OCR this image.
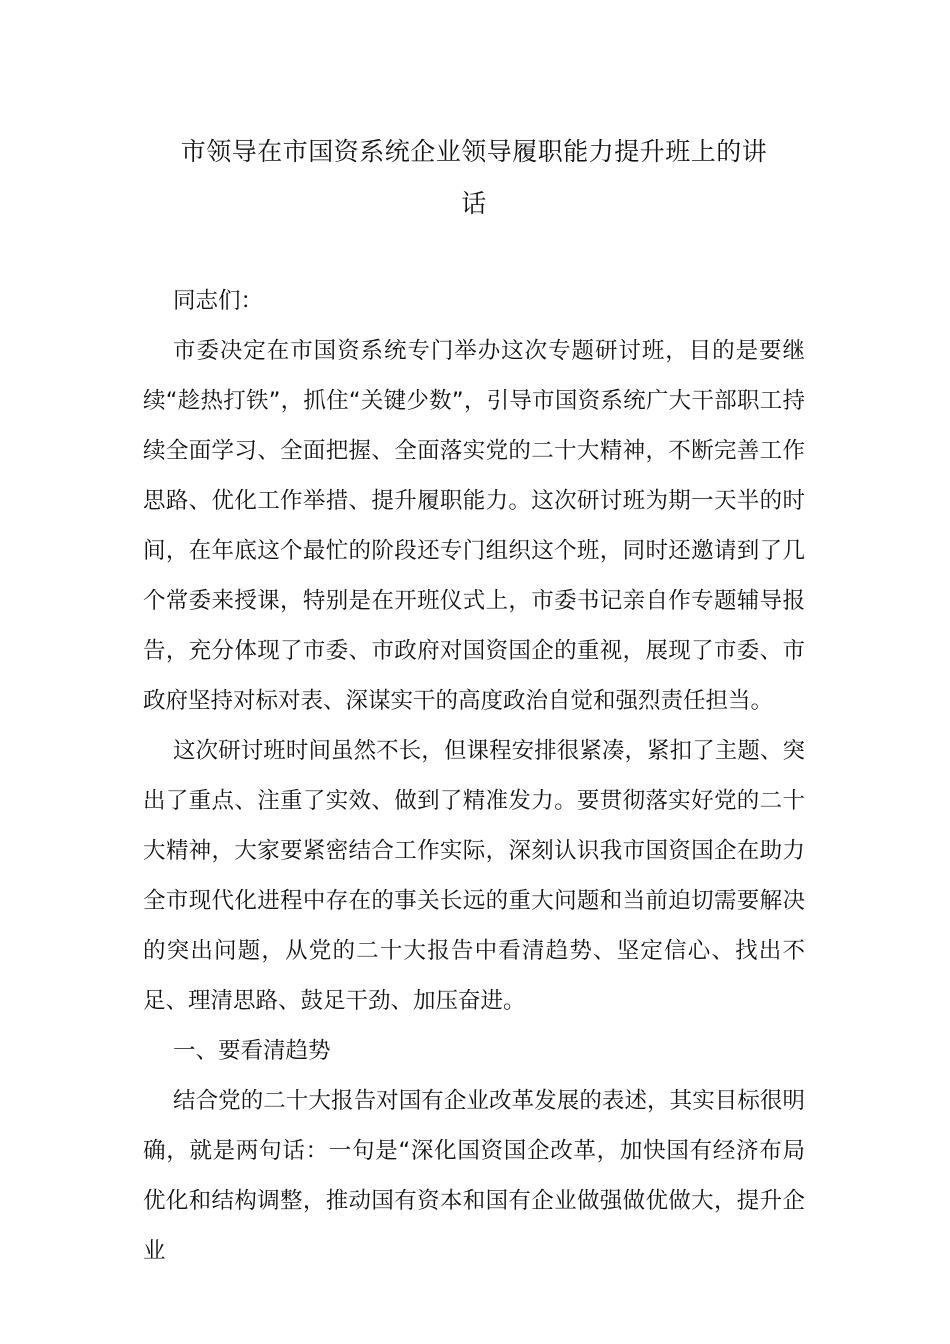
市领导在市国资系统企业领导履职能力提升班上的讲
话

同志们：

市委决定在市国资系统专门举办这次专题研讨班，目的是要继续“趁热打铁”，抓住“关键少数”，引导市国资系统广大干部职工持续全面学习、全面把握、全面落实党的二十大精神，不断完善工作思路、优化工作举措、提升履职能力。这次研讨班为期一天半的时间，在年底这个最忙的阶段还专门组织这个班，同时还邀请到了几个常委来授课，特别是在开班仪式上，市委书记亲自作专题辅导报告，充分体现了市委、市政府对国资国企的重视，展现了市委、市政府坚持对标对表、深谋实干的高度政治自觉和强烈责任担当。

这次研讨班时间虽然不长，但课程安排很紧凑，紧扣了主题、突出了重点、注重了实效、做到了精准发力。要贯彻落实好党的二十大精神，大家要紧密结合工作实际，深刻认识我市国资国企在助力全市现代化进程中存在的事关长远的重大问题和当前迫切需要解决的突出问题，从党的二十大报告中看清趋势、坚定信心、找出不足、理清思路、鼓足干劲、加压奋进。

一、要看清趋势

结合党的二十大报告对国有企业改革发展的表述，其实目标很明确，就是两句话：一句是“深化国资国企改革，加快国有经济布局优化和结构调整，推动国有资本和国有企业做强做优做大，提升企业
